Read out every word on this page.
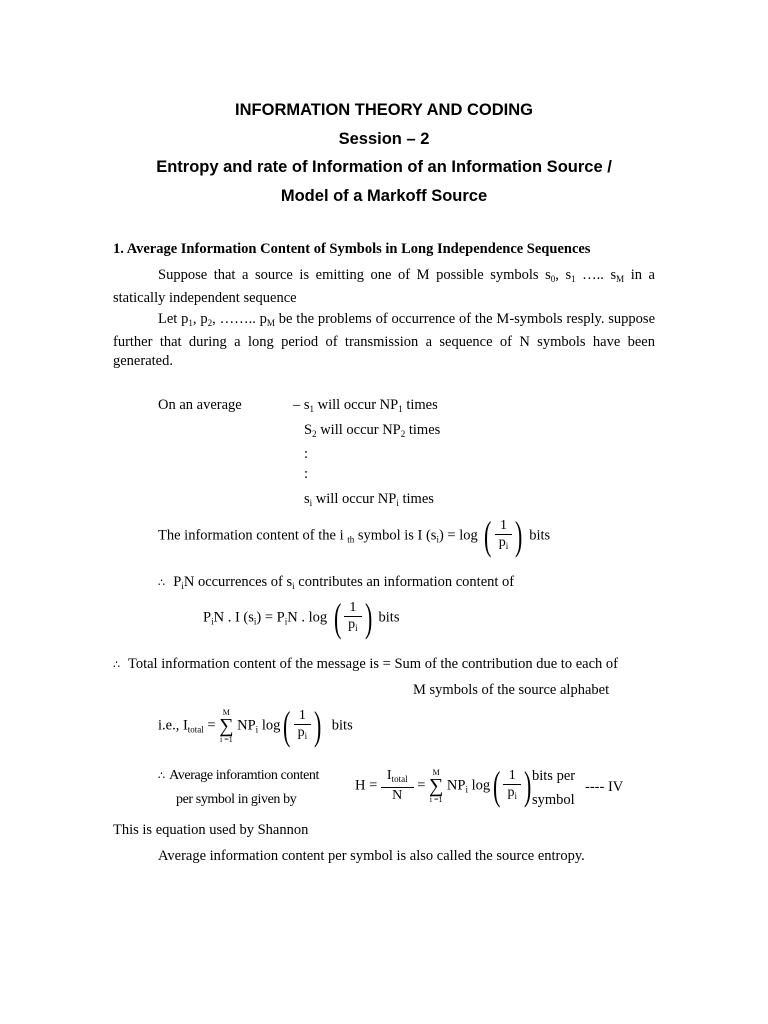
INFORMATION THEORY AND CODING
Session – 2
Entropy and rate of Information of an Information Source /
Model of a Markoff Source
1. Average Information Content of Symbols in Long Independence Sequences
Suppose that a source is emitting one of M possible symbols $s_0$, $s_1$ ….. $s_M$ in a statically independent sequence
Let $p_1$, $p_2$, …….. $p_M$ be the problems of occurrence of the M-symbols resply. suppose further that during a long period of transmission a sequence of N symbols have been generated.
On an average	– $s_1$ will occur $NP_1$ times
$S_2$ will occur $NP_2$ times
:
:
$s_i$ will occur $NP_i$ times
The information content of the i $_{th}$ symbol is I $(s_i) = \log$ ( $\frac{1}{p_i}$ ) bits
∴ $P_iN$ occurrences of $s_i$ contributes an information content of
$P_iN$ . I $(s_i) = P_iN$ . log ( $\frac{1}{p_i}$ ) bits
∴ Total information content of the message is = Sum of the contribution due to each of
M symbols of the source alphabet
i.e., $I_{total}$ =
M
∑
i =1
$NP_i$ $\log( \frac{1}{p_i}$ ) bits
∴ Average inforamtion content
per symbol in given by
$H = \frac{I_{total}}{N}$ =
M
∑
i =1
$NP_i$ $\log( \frac{1}{p_i}$ ) bits per
symbol
---- IV
This is equation used by Shannon
Average information content per symbol is also called the source entropy.
